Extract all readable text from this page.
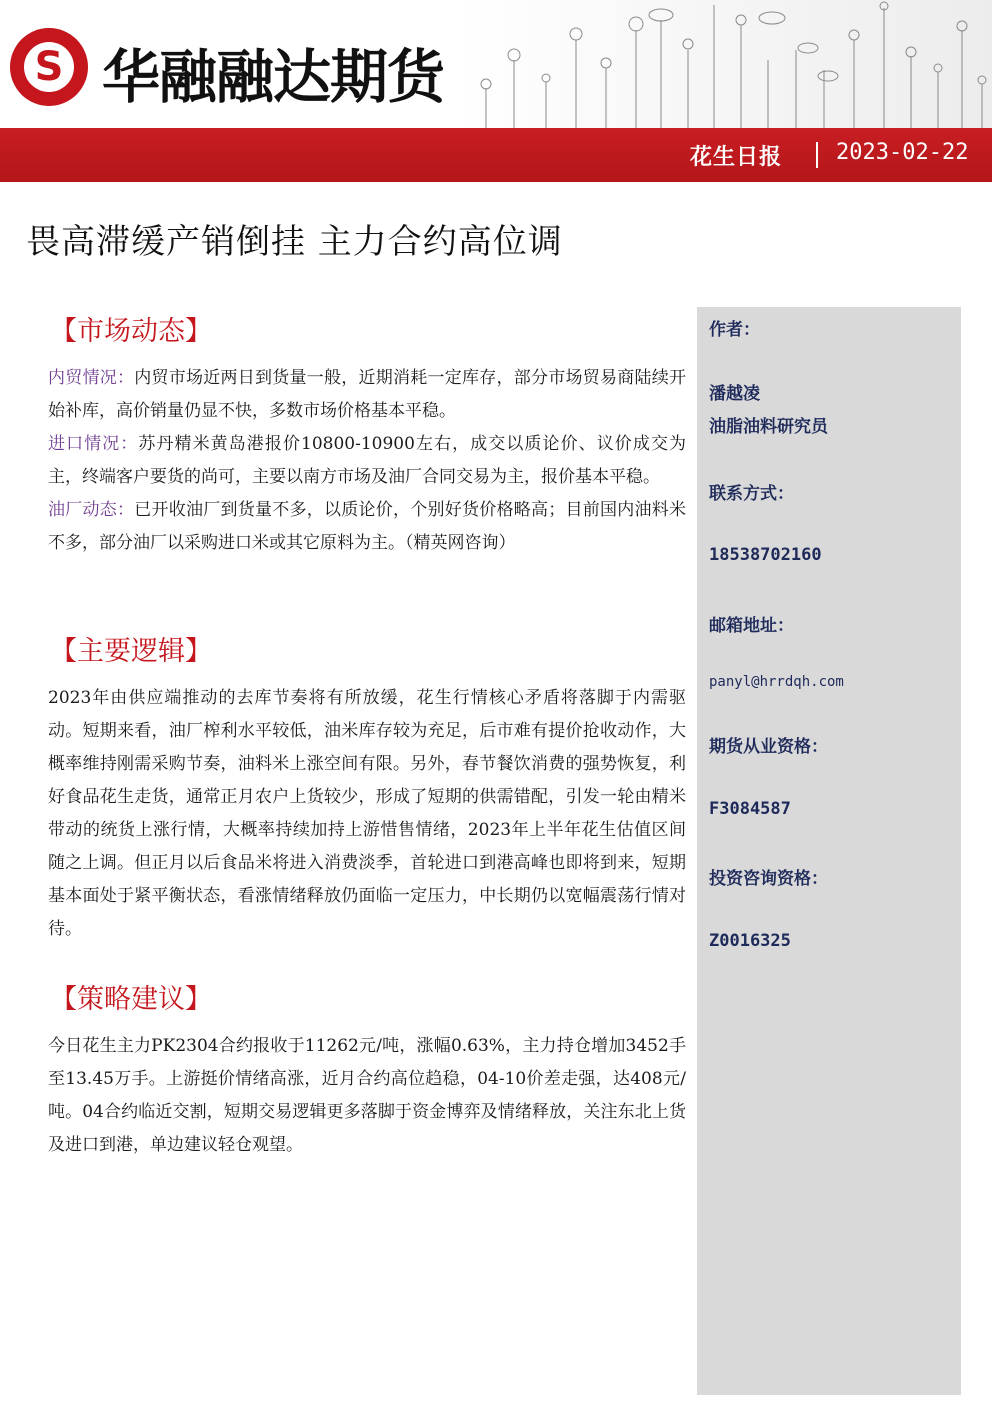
S 华融融达期货
花生日报 2023-02-22
畏高滞缓产销倒挂 主力合约高位调
【市场动态】

内贸情况：内贸市场近两日到货量一般，近期消耗一定库存，部分市场贸易商陆续开始补库，高价销量仍显不快，多数市场价格基本平稳。

进口情况：苏丹精米黄岛港报价10800-10900左右，成交以质论价、议价成交为主，终端客户要货的尚可，主要以南方市场及油厂合同交易为主，报价基本平稳。

油厂动态：已开收油厂到货量不多，以质论价，个别好货价格略高；目前国内油料米不多，部分油厂以采购进口米或其它原料为主。（精英网咨询）

【主要逻辑】

2023年由供应端推动的去库节奏将有所放缓，花生行情核心矛盾将落脚于内需驱动。短期来看，油厂榨利水平较低，油米库存较为充足，后市难有提价抢收动作，大概率维持刚需采购节奏，油料米上涨空间有限。另外，春节餐饮消费的强势恢复，利好食品花生走货，通常正月农户上货较少，形成了短期的供需错配，引发一轮由精米带动的统货上涨行情，大概率持续加持上游惜售情绪，2023年上半年花生估值区间随之上调。但正月以后食品米将进入消费淡季，首轮进口到港高峰也即将到来，短期基本面处于紧平衡状态，看涨情绪释放仍面临一定压力，中长期仍以宽幅震荡行情对待。

【策略建议】

今日花生主力PK2304合约报收于11262元/吨，涨幅0.63%，主力持仓增加3452手至13.45万手。上游挺价情绪高涨，近月合约高位趋稳，04-10价差走强，达408元/吨。04合约临近交割，短期交易逻辑更多落脚于资金博弈及情绪释放，关注东北上货及进口到港，单边建议轻仓观望。

作者：
潘越凌
油脂油料研究员
联系方式：
18538702160
邮箱地址：
panyl@hrrdqh.com
期货从业资格：
F3084587
投资咨询资格：
Z0016325
